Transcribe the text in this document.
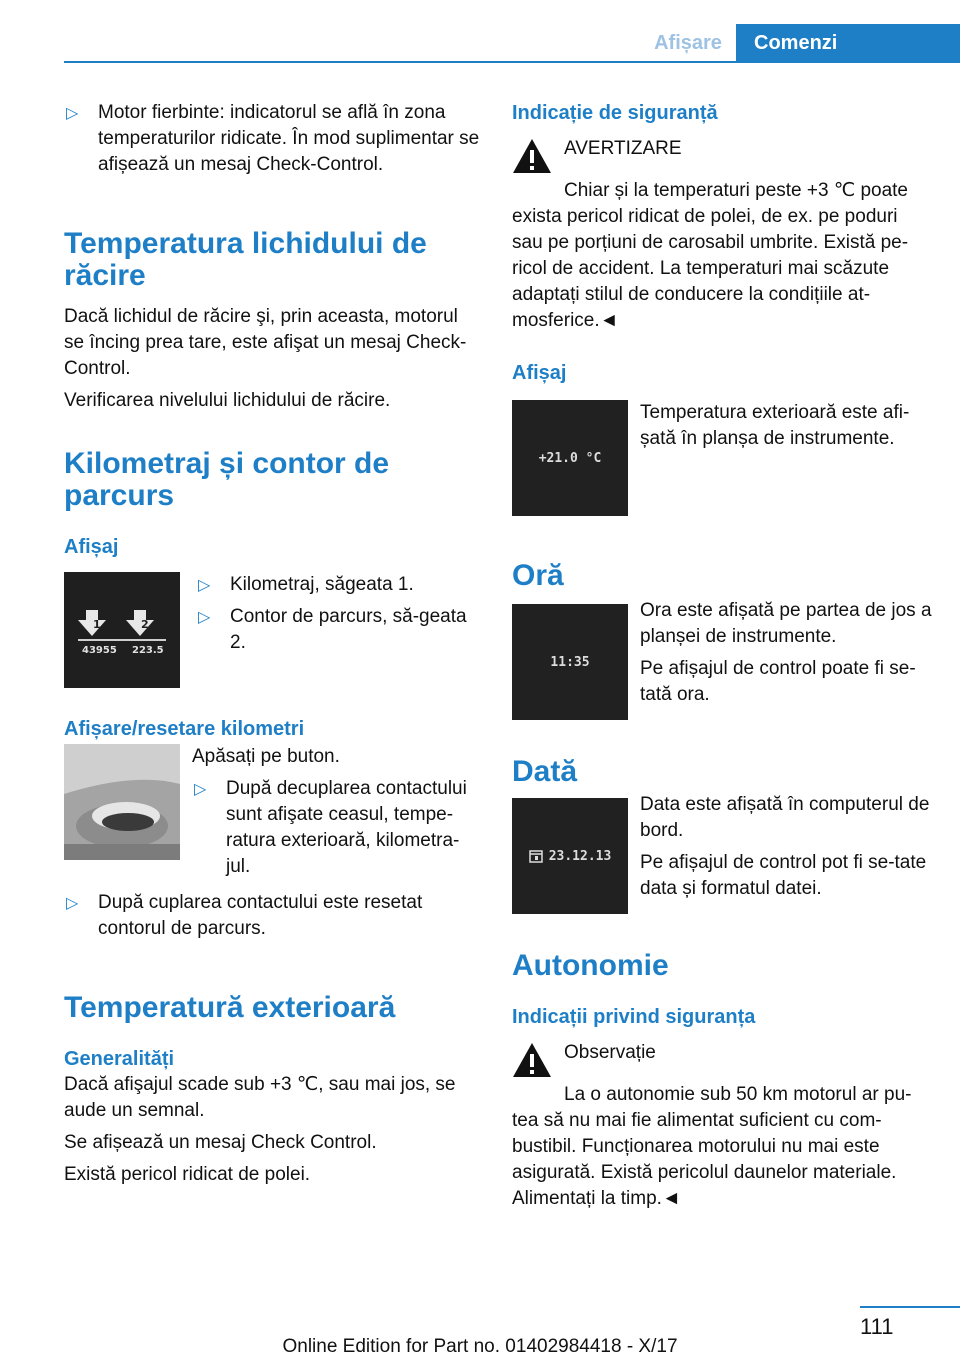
Afișare	Comenzi
▷ Motor fierbinte: indicatorul se află în zona temperaturilor ridicate. În mod suplimentar se afișează un mesaj Check-Control.
Temperatura lichidului de răcire

Dacă lichidul de răcire şi, prin aceasta, motorul se încing prea tare, este afişat un mesaj Check-Control.

Verificarea nivelului lichidului de răcire.

Kilometraj și contor de parcurs
Afișaj
1	2
43955 223.5
▷ Kilometraj, săgeata 1.
▷ Contor de parcurs, să‐geata 2.
Afișare/resetare kilometri

Apăsați pe buton.

▷ După decuplarea contactului sunt afişate ceasul, tempe‐ratura exterioară, kilometra‐jul.
▷ După cuplarea contactului este resetat contorul de parcurs.
Temperatură exterioară
Generalități

Dacă afişajul scade sub +3 ℃, sau mai jos, se aude un semnal.

Se afișează un mesaj Check Control.

Există pericol ridicat de polei.

Indicație de siguranță

AVERTIZARE

Chiar și la temperaturi peste +3 ℃ poate exista pericol ridicat de polei, de ex. pe poduri sau pe porțiuni de carosabil umbrite. Există pe‐ricol de accident. La temperaturi mai scăzute adaptați stilul de conducere la condițiile at‐mosferice.◄

Afișaj
+21.0 °C

Temperatura exterioară este afi‐șată în planșa de instrumente.

Oră
11:35

Ora este afișată pe partea de jos a planșei de instrumente.

Pe afișajul de control poate fi se‐tată ora.

Dată
23.12.13

Data este afișată în computerul de bord.

Pe afișajul de control pot fi se‐tate data și formatul datei.

Autonomie
Indicații privind siguranța

Observație

La o autonomie sub 50 km motorul ar pu‐tea să nu mai fie alimentat suficient cu com‐bustibil. Funcționarea motorului nu mai este asigurată. Există pericolul daunelor materiale. Alimentați la timp.◄

111
Online Edition for Part no. 01402984418 - X/17
